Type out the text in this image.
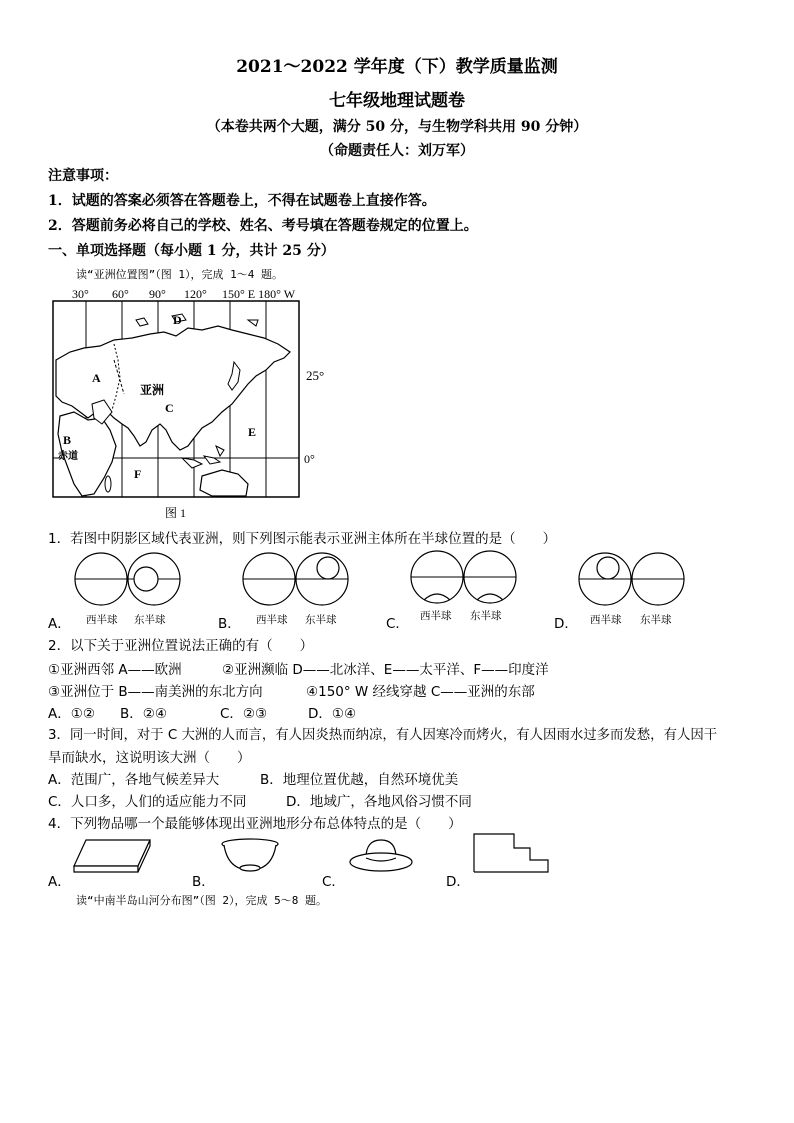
2021～2022 学年度（下）教学质量监测
七年级地理试题卷
（本卷共两个大题，满分 50 分，与生物学科共用 90 分钟）
（命题责任人：刘万军）
注意事项：
1．试题的答案必须答在答题卷上，不得在试题卷上直接作答。
2．答题前务必将自己的学校、姓名、考号填在答题卷规定的位置上。
一、单项选择题（每小题 1 分，共计 25 分）
读“亚洲位置图”（图 1），完成 1～4 题。
30° 60° 90° 120° 150° E 180° W
D
A
亚洲
C
E
B
赤道
F
0°
25°
图 1
1．若图中阴影区域代表亚洲，则下列图示能表示亚洲主体所在半球位置的是（　　）
A． 西半球 东半球	B． 西半球 东半球	C． 西半球 东半球	D． 西半球 东半球
2．以下关于亚洲位置说法正确的有（　　）
①亚洲西邻 A——欧洲	②亚洲濒临 D——北冰洋、E——太平洋、F——印度洋
③亚洲位于 B——南美洲的东北方向	④150° W 经线穿越 C——亚洲的东部
A．①② B．②④	C．②③	D．①④
3．同一时间，对于 C 大洲的人而言，有人因炎热而纳凉，有人因寒冷而烤火，有人因雨水过多而发愁，有人因干
旱而缺水，这说明该大洲（　　）
A．范围广，各地气候差异大	B．地理位置优越，自然环境优美
C．人口多，人们的适应能力不同	D．地域广，各地风俗习惯不同
4．下列物品哪一个最能够体现出亚洲地形分布总体特点的是（　　）
A．	B．	C．	D．
读“中南半岛山河分布图”（图 2），完成 5～8 题。
